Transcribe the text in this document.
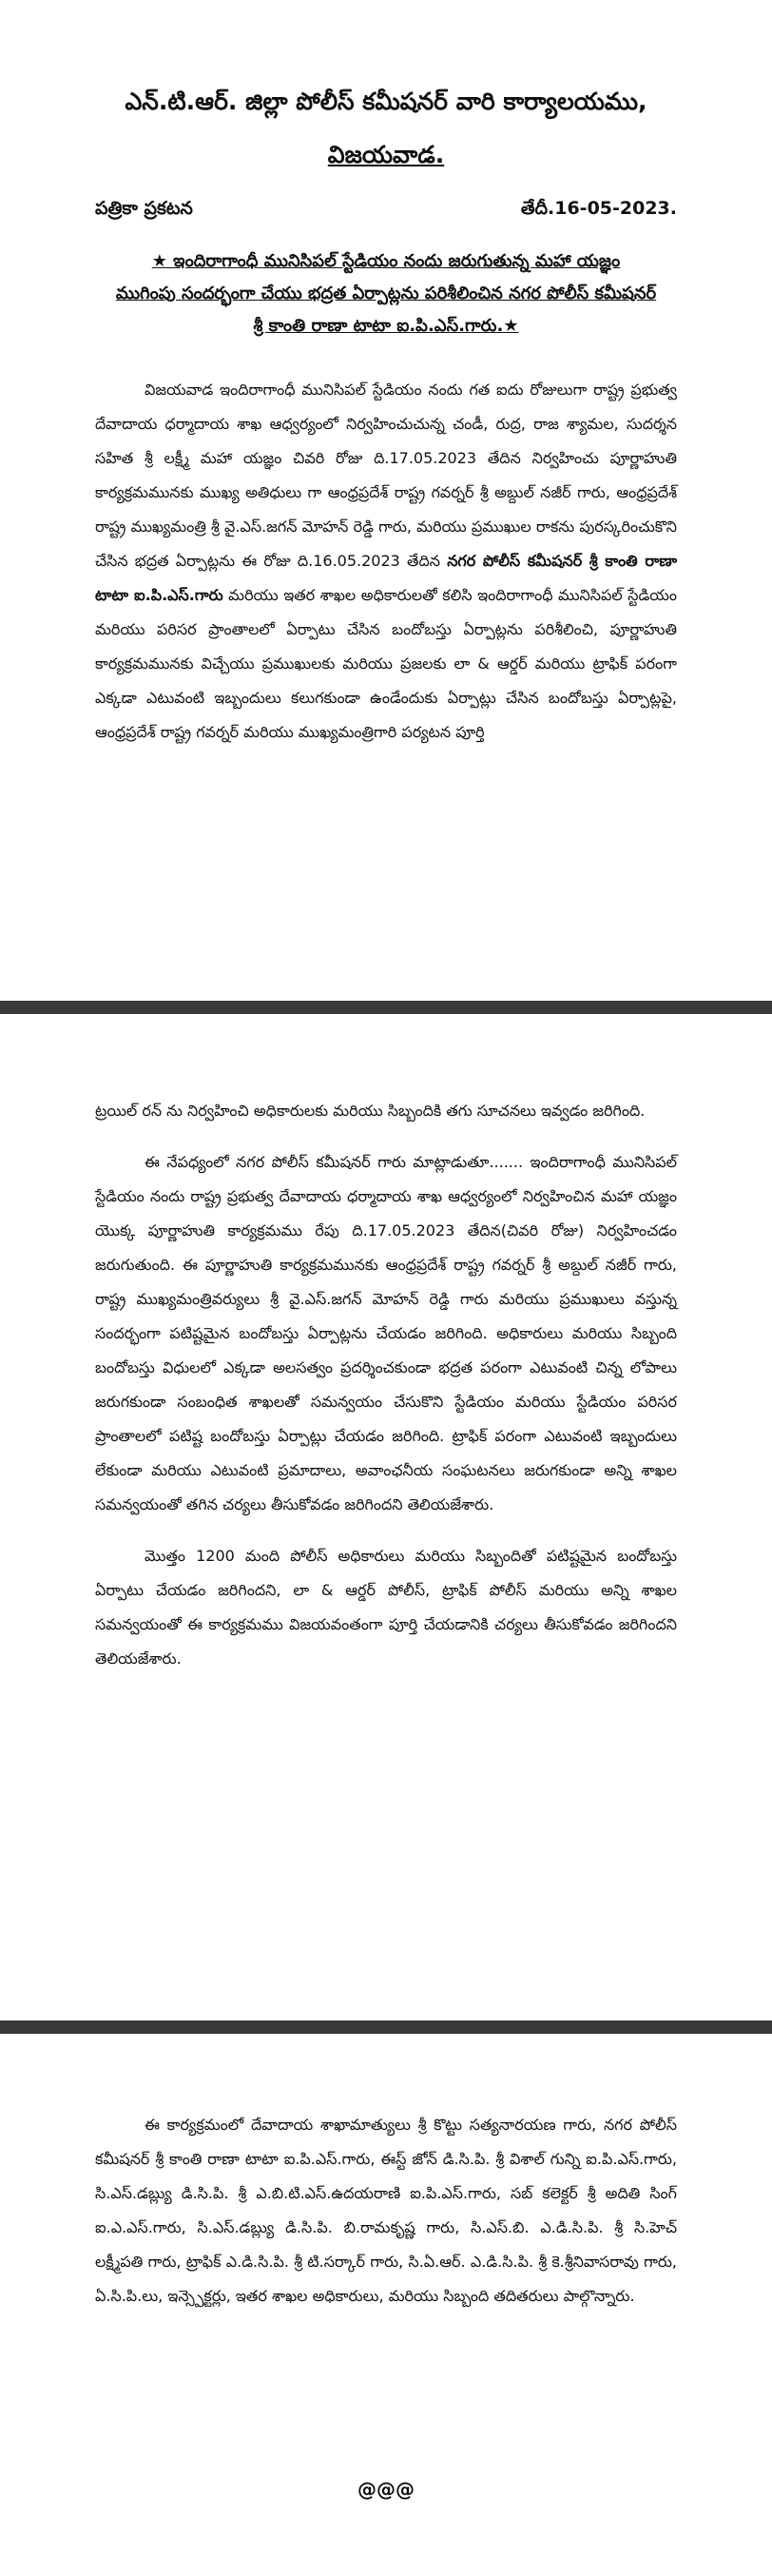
ఎన్.టి.ఆర్. జిల్లా పోలీస్ కమీషనర్ వారి కార్యాలయము,
విజయవాడ.
పత్రికా ప్రకటన	తేదీ.16-05-2023.
★ ఇందిరాగాంధీ మునిసిపల్ స్టేడియం నందు జరుగుతున్న మహా యజ్ఞం
ముగింపు సందర్భంగా చేయు భద్రత ఏర్పాట్లను పరిశీలించిన నగర పోలీస్ కమీషనర్
శ్రీ కాంతి రాణా టాటా ఐ.పి.ఎస్.గారు.★

విజయవాడ ఇందిరాగాంధీ మునిసిపల్ స్టేడియం నందు గత ఐదు రోజులుగా రాష్ట్ర ప్రభుత్వ దేవాదాయ ధర్మాదాయ శాఖ ఆధ్వర్యంలో నిర్వహించుచున్న చండీ, రుద్ర, రాజ శ్యామల, సుదర్శన సహిత శ్రీ లక్ష్మీ మహా యజ్ఞం చివరి రోజు ది.17.05.2023 తేదిన నిర్వహించు పూర్ణాహుతి కార్యక్రమమునకు ముఖ్య అతిధులు గా ఆంధ్రప్రదేశ్ రాష్ట్ర గవర్నర్ శ్రీ అబ్దుల్ నజీర్ గారు, ఆంధ్రప్రదేశ్ రాష్ట్ర ముఖ్యమంత్రి శ్రీ వై.ఎస్.జగన్ మోహన్ రెడ్డి గారు, మరియు ప్రముఖుల రాకను పురస్కరించుకొని చేసిన భద్రత ఏర్పాట్లను ఈ రోజు ది.16.05.2023 తేదిన నగర పోలీస్ కమీషనర్ శ్రీ కాంతి రాణా టాటా ఐ.పి.ఎస్.గారు మరియు ఇతర శాఖల అధికారులతో కలిసి ఇందిరాగాంధీ మునిసిపల్ స్టేడియం మరియు పరిసర ప్రాంతాలలో ఏర్పాటు చేసిన బందోబస్తు ఏర్పాట్లను పరిశీలించి, పూర్ణాహుతి కార్యక్రమమునకు విచ్చేయు ప్రముఖులకు మరియు ప్రజలకు లా & ఆర్డర్ మరియు ట్రాఫిక్ పరంగా ఎక్కడా ఎటువంటి ఇబ్బందులు కలుగకుండా ఉండేందుకు ఏర్పాట్లు చేసిన బందోబస్తు ఏర్పాట్లపై, ఆంధ్రప్రదేశ్ రాష్ట్ర గవర్నర్ మరియు ముఖ్యమంత్రిగారి పర్యటన పూర్తి

ట్రయిల్ రన్ ను నిర్వహించి అధికారులకు మరియు సిబ్బందికి తగు సూచనలు ఇవ్వడం జరిగింది.

ఈ నేపధ్యంలో నగర పోలీస్ కమీషనర్ గారు మాట్లాడుతూ....... ఇందిరాగాంధీ మునిసిపల్ స్టేడియం నందు రాష్ట్ర ప్రభుత్వ దేవాదాయ ధర్మాదాయ శాఖ ఆధ్వర్యంలో నిర్వహించిన మహా యజ్ఞం యొక్క పూర్ణాహుతి కార్యక్రమము రేపు ది.17.05.2023 తేదిన(చివరి రోజు) నిర్వహించడం జరుగుతుంది. ఈ పూర్ణాహుతి కార్యక్రమమునకు ఆంధ్రప్రదేశ్ రాష్ట్ర గవర్నర్ శ్రీ అబ్దుల్ నజీర్ గారు, రాష్ట్ర ముఖ్యమంత్రివర్యులు శ్రీ వై.ఎస్.జగన్ మోహన్ రెడ్డి గారు మరియు ప్రముఖులు వస్తున్న సందర్భంగా పటిష్టమైన బందోబస్తు ఏర్పాట్లను చేయడం జరిగింది. అధికారులు మరియు సిబ్బంది బందోబస్తు విధులలో ఎక్కడా అలసత్వం ప్రదర్శించకుండా భద్రత పరంగా ఎటువంటి చిన్న లోపాలు జరుగకుండా సంబంధిత శాఖలతో సమన్వయం చేసుకొని స్టేడియం మరియు స్టేడియం పరిసర ప్రాంతాలలో పటిష్ట బందోబస్తు ఏర్పాట్లు చేయడం జరిగింది. ట్రాఫిక్ పరంగా ఎటువంటి ఇబ్బందులు లేకుండా మరియు ఎటువంటి ప్రమాదాలు, అవాంఛనీయ సంఘటనలు జరుగకుండా అన్ని శాఖల సమన్వయంతో తగిన చర్యలు తీసుకోవడం జరిగిందని తెలియజేశారు.

మొత్తం 1200 మంది పోలీస్ అధికారులు మరియు సిబ్బందితో పటిష్టమైన బందోబస్తు ఏర్పాటు చేయడం జరిగిందని, లా & ఆర్డర్ పోలీస్, ట్రాఫిక్ పోలీస్ మరియు అన్ని శాఖల సమన్వయంతో ఈ కార్యక్రమము విజయవంతంగా పూర్తి చేయడానికి చర్యలు తీసుకోవడం జరిగిందని తెలియజేశారు.

ఈ కార్యక్రమంలో దేవాదాయ శాఖామాత్యులు శ్రీ కొట్టు సత్యనారయణ గారు, నగర పోలీస్ కమీషనర్ శ్రీ కాంతి రాణా టాటా ఐ.పి.ఎస్.గారు, ఈస్ట్ జోన్ డి.సి.పి. శ్రీ విశాల్ గున్ని ఐ.పి.ఎస్.గారు, సి.ఎస్.డబ్ల్యు డి.సి.పి. శ్రీ ఎ.బి.టి.ఎస్.ఉదయరాణి ఐ.పి.ఎస్.గారు, సబ్ కలెక్టర్ శ్రీ అదితి సింగ్ ఐ.ఎ.ఎస్.గారు, సి.ఎస్.డబ్ల్యు డి.సి.పి. బి.రామకృష్ణ గారు, సి.ఎస్.బి. ఎ.డి.సి.పి. శ్రీ సి.హెచ్ లక్ష్మీపతి గారు, ట్రాఫిక్ ఎ.డి.సి.పి. శ్రీ టి.సర్కార్ గారు, సి.ఏ.ఆర్. ఎ.డి.సి.పి. శ్రీ కె.శ్రీనివాసరావు గారు, ఏ.సి.పి.లు, ఇన్స్పెక్టర్లు, ఇతర శాఖల అధికారులు, మరియు సిబ్బంది తదితరులు పాల్గొన్నారు.

@@@
